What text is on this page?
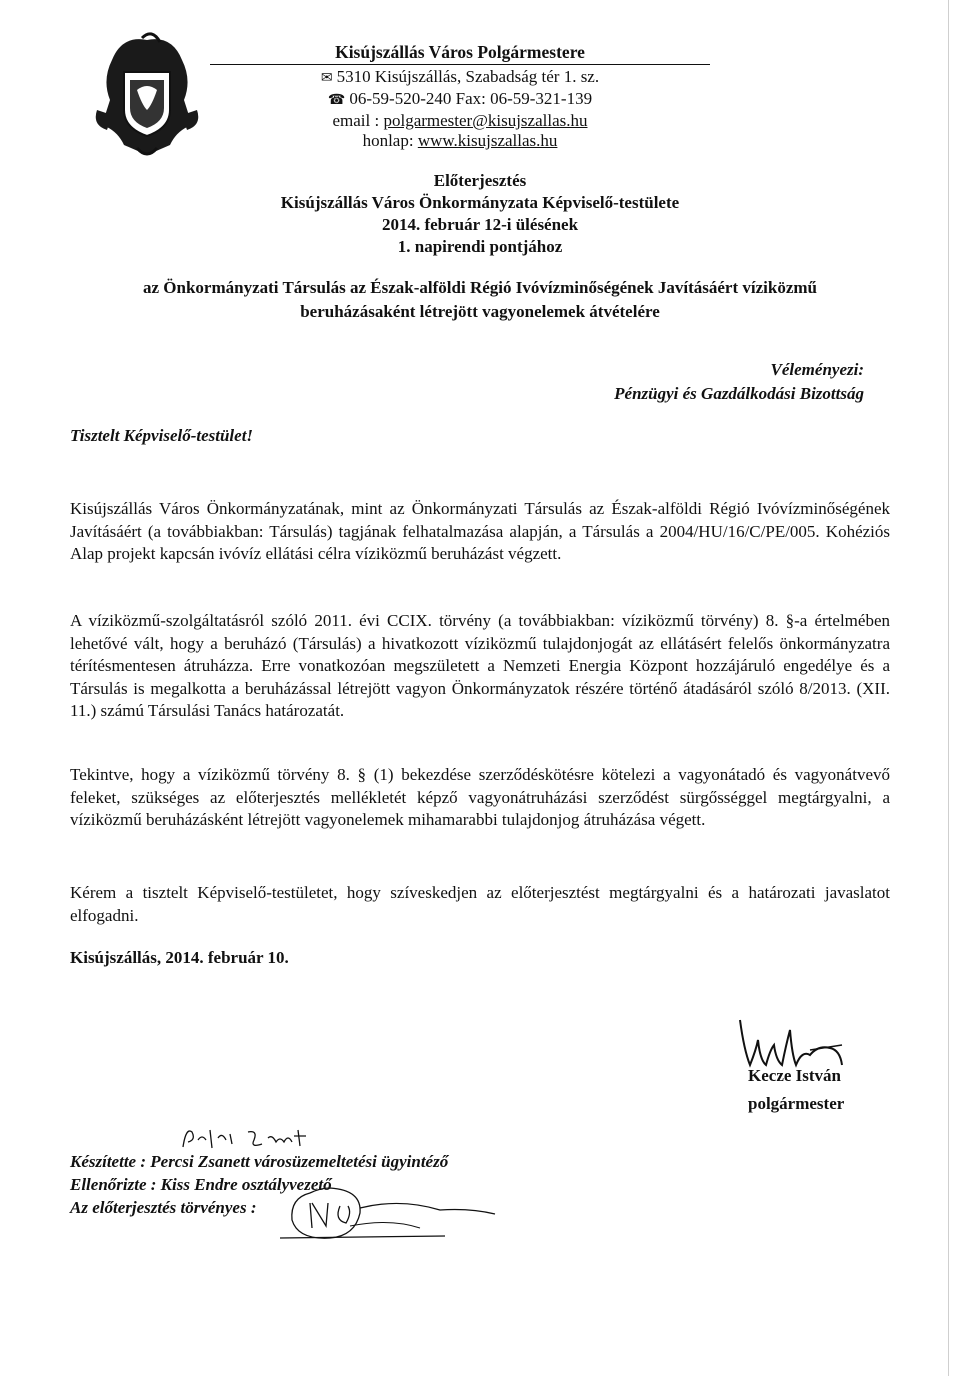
Kisújszállás Város Polgármestere
✉ 5310 Kisújszállás, Szabadság tér 1. sz.
☎ 06-59-520-240 Fax: 06-59-321-139
email : polgarmester@kisujszallas.hu
honlap: www.kisujszallas.hu
Előterjesztés
Kisújszállás Város Önkormányzata Képviselő-testülete
2014. február 12-i ülésének
1. napirendi pontjához
az Önkormányzati Társulás az Észak-alföldi Régió Ivóvízminőségének Javításáért víziközmű
beruházásaként létrejött vagyonelemek átvételére
Véleményezi:
Pénzügyi és Gazdálkodási Bizottság
Tisztelt Képviselő-testület!
Kisújszállás Város Önkormányzatának, mint az Önkormányzati Társulás az Észak-alföldi Régió Ivóvízminőségének Javításáért (a továbbiakban: Társulás) tagjának felhatalmazása alapján, a Társulás a 2004/HU/16/C/PE/005. Kohéziós Alap projekt kapcsán ivóvíz ellátási célra víziközmű beruházást végzett.
A víziközmű-szolgáltatásról szóló 2011. évi CCIX. törvény (a továbbiakban: víziközmű törvény) 8. §-a értelmében lehetővé vált, hogy a beruházó (Társulás) a hivatkozott víziközmű tulajdonjogát az ellátásért felelős önkormányzatra térítésmentesen átruházza. Erre vonatkozóan megszületett a Nemzeti Energia Központ hozzájáruló engedélye és a Társulás is megalkotta a beruházással létrejött vagyon Önkormányzatok részére történő átadásáról szóló 8/2013. (XII. 11.) számú Társulási Tanács határozatát.
Tekintve, hogy a víziközmű törvény 8. § (1) bekezdése szerződéskötésre kötelezi a vagyonátadó és vagyonátvevő feleket, szükséges az előterjesztés mellékletét képző vagyonátruházási szerződést sürgősséggel megtárgyalni, a víziközmű beruházásként létrejött vagyonelemek mihamarabbi tulajdonjog átruházása végett.
Kérem a tisztelt Képviselő-testületet, hogy szíveskedjen az előterjesztést megtárgyalni és a határozati javaslatot elfogadni.
Kisújszállás, 2014. február 10.
Kecze István
polgármester
Készítette : Percsi Zsanett városüzemeltetési ügyintéző
Ellenőrizte : Kiss Endre osztályvezető
Az előterjesztés törvényes :
